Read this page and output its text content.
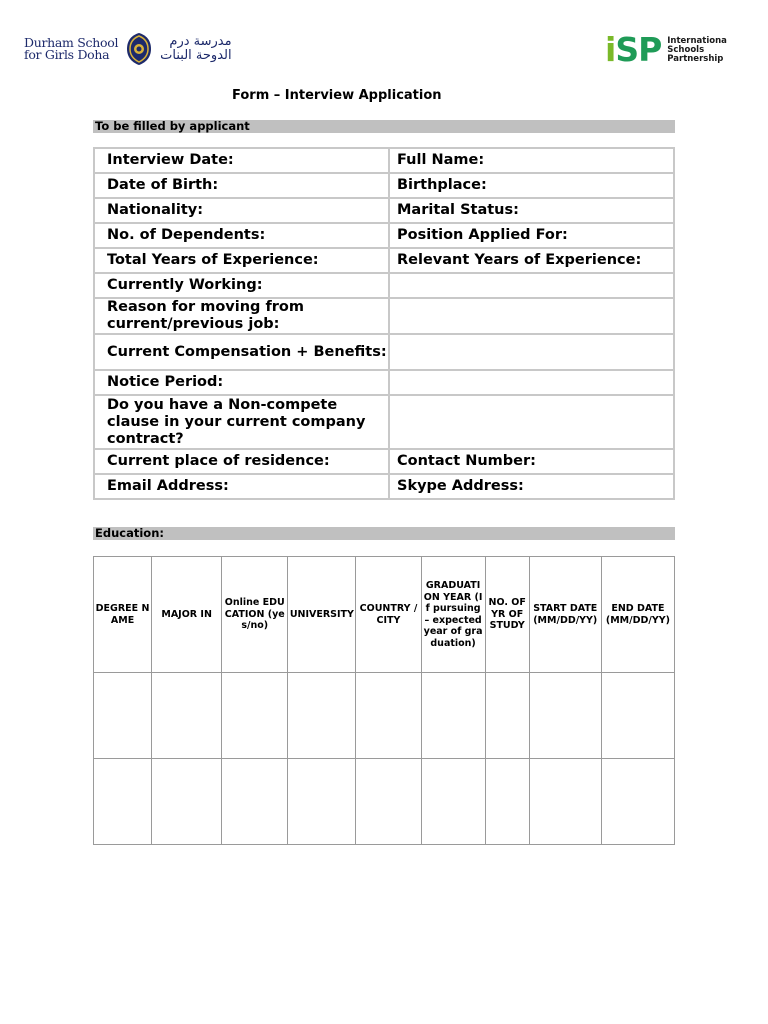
Durham School
for Girls Doha
مدرسة درم
الدوحة البنات	iSP Internationa
Schools
Partnership
Form – Interview Application
To be filled by applicant
Interview Date:	Full Name:
Date of Birth:	Birthplace:
Nationality:	Marital Status:
No. of Dependents:	Position Applied For:
Total Years of Experience:	Relevant Years of Experience:
Currently Working:	
Reason for moving from current/previous job:	
Current Compensation + Benefits:	
Notice Period:	
Do you have a Non-compete clause in your current company contract?	
Current place of residence:	Contact Number:
Email Address:	Skype Address:
Education:
DEGREE NAME	MAJOR IN	Online EDUCATION (yes/no)	UNIVERSITY	COUNTRY / CITY	GRADUATION YEAR (If pursuing – expected year of graduation)	NO. OF YR OF STUDY	START DATE (MM/DD/YY)	END DATE (MM/DD/YY)
